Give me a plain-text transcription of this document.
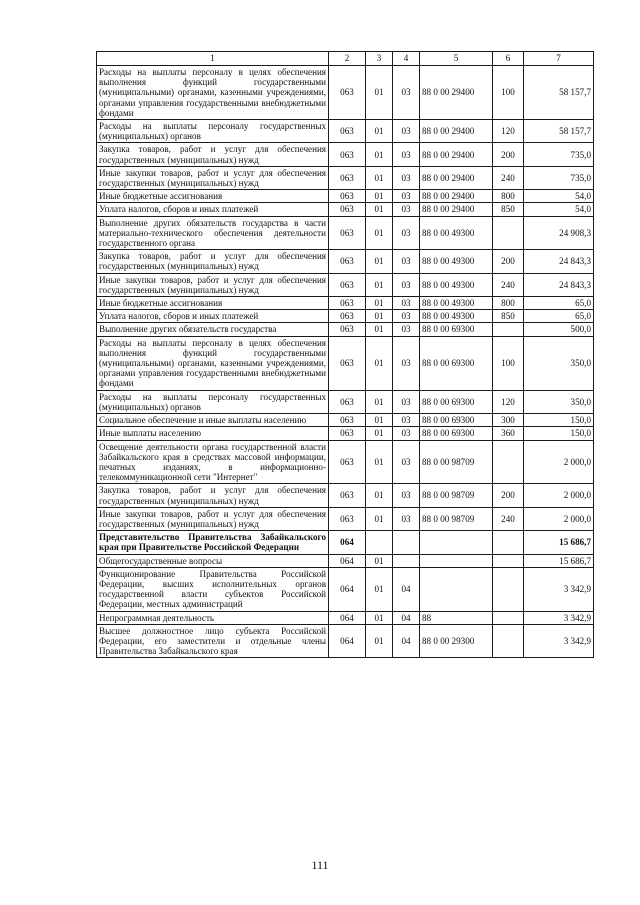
1	2	3	4	5	6	7
Расходы на выплаты персоналу в целях обеспечения выполнения функций государственными (муниципальными) органами, казенными учреждениями, органами управления государственными внебюджетными фондами	063	01	03	88 0 00 29400	100	58 157,7
Расходы на выплаты персоналу государственных (муниципальных) органов	063	01	03	88 0 00 29400	120	58 157,7
Закупка товаров, работ и услуг для обеспечения государственных (муниципальных) нужд	063	01	03	88 0 00 29400	200	735,0
Иные закупки товаров, работ и услуг для обеспечения государственных (муниципальных) нужд	063	01	03	88 0 00 29400	240	735,0
Иные бюджетные ассигнования	063	01	03	88 0 00 29400	800	54,0
Уплата налогов, сборов и иных платежей	063	01	03	88 0 00 29400	850	54,0
Выполнение других обязательств государства в части материально-технического обеспечения деятельности государственного органа	063	01	03	88 0 00 49300		24 908,3
Закупка товаров, работ и услуг для обеспечения государственных (муниципальных) нужд	063	01	03	88 0 00 49300	200	24 843,3
Иные закупки товаров, работ и услуг для обеспечения государственных (муниципальных) нужд	063	01	03	88 0 00 49300	240	24 843,3
Иные бюджетные ассигнования	063	01	03	88 0 00 49300	800	65,0
Уплата налогов, сборов и иных платежей	063	01	03	88 0 00 49300	850	65,0
Выполнение других обязательств государства	063	01	03	88 0 00 69300		500,0
Расходы на выплаты персоналу в целях обеспечения выполнения функций государственными (муниципальными) органами, казенными учреждениями, органами управления государственными внебюджетными фондами	063	01	03	88 0 00 69300	100	350,0
Расходы на выплаты персоналу государственных (муниципальных) органов	063	01	03	88 0 00 69300	120	350,0
Социальное обеспечение и иные выплаты населению	063	01	03	88 0 00 69300	300	150,0
Иные выплаты населению	063	01	03	88 0 00 69300	360	150,0
Освещение деятельности органа государственной власти Забайкальского края в средствах массовой информации, печатных изданиях, в информационно-телекоммуникационной сети "Интернет"	063	01	03	88 0 00 98709		2 000,0
Закупка товаров, работ и услуг для обеспечения государственных (муниципальных) нужд	063	01	03	88 0 00 98709	200	2 000,0
Иные закупки товаров, работ и услуг для обеспечения государственных (муниципальных) нужд	063	01	03	88 0 00 98709	240	2 000,0
Представительство Правительства Забайкальского края при Правительстве Российской Федерации	064					15 686,7
Общегосударственные вопросы	064	01				15 686,7
Функционирование Правительства Российской Федерации, высших исполнительных органов государственной власти субъектов Российской Федерации, местных администраций	064	01	04			3 342,9
Непрограммная деятельность	064	01	04	88		3 342,9
Высшее должностное лицо субъекта Российской Федерации, его заместители и отдельные члены Правительства Забайкальского края	064	01	04	88 0 00 29300		3 342,9
111
